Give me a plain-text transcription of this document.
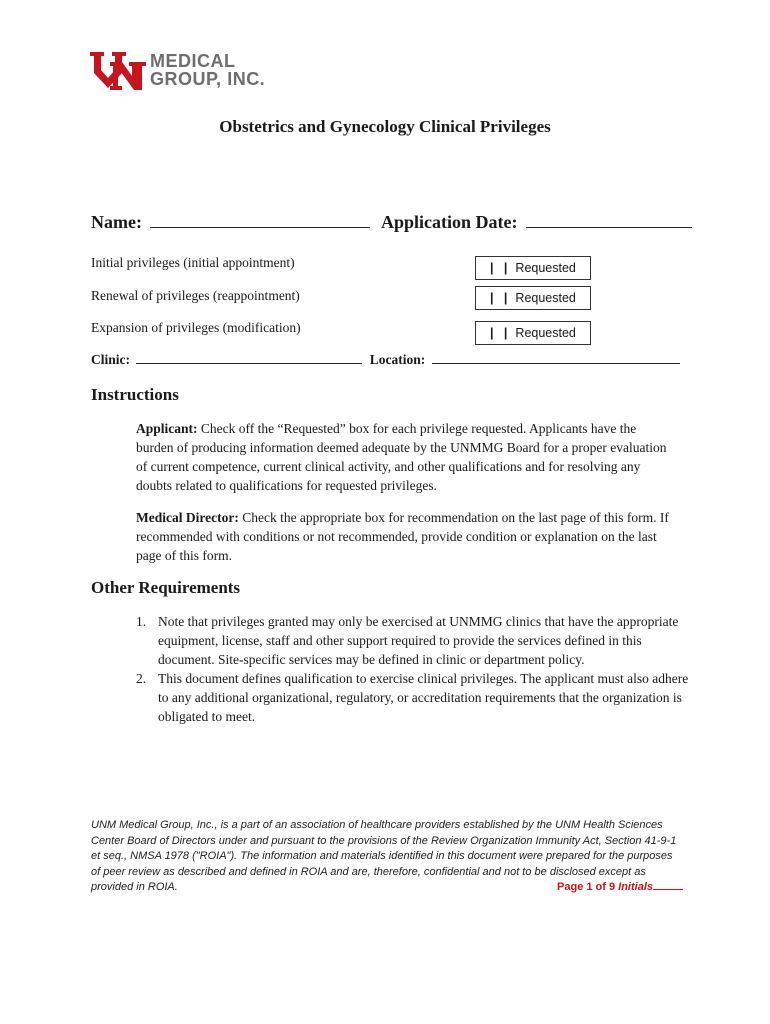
UNM
MEDICAL
GROUP, INC.
Obstetrics and Gynecology Clinical Privileges
Name:	Application Date:
Initial privileges (initial appointment)	|   | Requested
Renewal of privileges (reappointment)	|   | Requested
Expansion of privileges (modification)	|   | Requested
Clinic:	Location:
Instructions
Applicant: Check off the “Requested” box for each privilege requested. Applicants have the burden of producing information deemed adequate by the UNMMG Board for a proper evaluation of current competence, current clinical activity, and other qualifications and for resolving any doubts related to qualifications for requested privileges.
Medical Director: Check the appropriate box for recommendation on the last page of this form. If recommended with conditions or not recommended, provide condition or explanation on the last page of this form.
Other Requirements
1. Note that privileges granted may only be exercised at UNMMG clinics that have the appropriate equipment, license, staff and other support required to provide the services defined in this document. Site-specific services may be defined in clinic or department policy.
2. This document defines qualification to exercise clinical privileges. The applicant must also adhere to any additional organizational, regulatory, or accreditation requirements that the organization is obligated to meet.
UNM Medical Group, Inc., is a part of an association of healthcare providers established by the UNM Health Sciences Center Board of Directors under and pursuant to the provisions of the Review Organization Immunity Act, Section 41-9-1 et seq., NMSA 1978 ("ROIA"). The information and materials identified in this document were prepared for the purposes of peer review as described and defined in ROIA and are, therefore, confidential and not to be disclosed except as provided in ROIA.	Page 1 of 9 Initials
